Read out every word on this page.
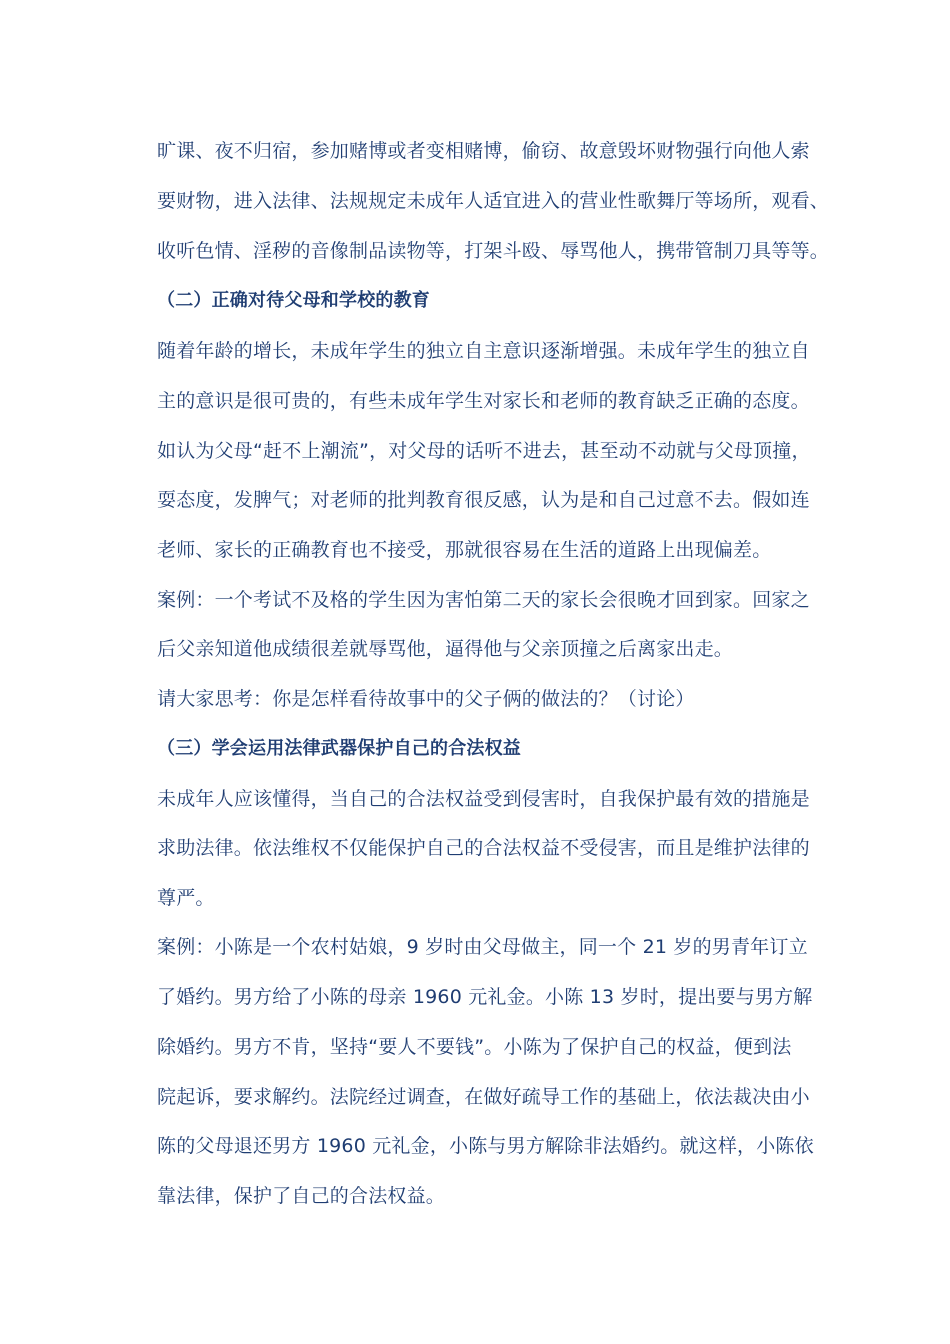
旷课、夜不归宿，参加赌博或者变相赌博，偷窃、故意毁坏财物强行向他人索
要财物，进入法律、法规规定未成年人适宜进入的营业性歌舞厅等场所，观看、
收听色情、淫秽的音像制品读物等，打架斗殴、辱骂他人，携带管制刀具等等。
（二）正确对待父母和学校的教育
随着年龄的增长，未成年学生的独立自主意识逐渐增强。未成年学生的独立自
主的意识是很可贵的，有些未成年学生对家长和老师的教育缺乏正确的态度。
如认为父母“赶不上潮流”，对父母的话听不进去，甚至动不动就与父母顶撞，
耍态度，发脾气；对老师的批判教育很反感，认为是和自己过意不去。假如连
老师、家长的正确教育也不接受，那就很容易在生活的道路上出现偏差。
案例：一个考试不及格的学生因为害怕第二天的家长会很晚才回到家。回家之
后父亲知道他成绩很差就辱骂他，逼得他与父亲顶撞之后离家出走。
请大家思考：你是怎样看待故事中的父子俩的做法的？（讨论）
（三）学会运用法律武器保护自己的合法权益
未成年人应该懂得，当自己的合法权益受到侵害时，自我保护最有效的措施是
求助法律。依法维权不仅能保护自己的合法权益不受侵害，而且是维护法律的
尊严。
案例：小陈是一个农村姑娘，9 岁时由父母做主，同一个 21 岁的男青年订立
了婚约。男方给了小陈的母亲 1960 元礼金。小陈 13 岁时，提出要与男方解
除婚约。男方不肯，坚持“要人不要钱”。小陈为了保护自己的权益，便到法
院起诉，要求解约。法院经过调查，在做好疏导工作的基础上，依法裁决由小
陈的父母退还男方 1960 元礼金，小陈与男方解除非法婚约。就这样，小陈依
靠法律，保护了自己的合法权益。
